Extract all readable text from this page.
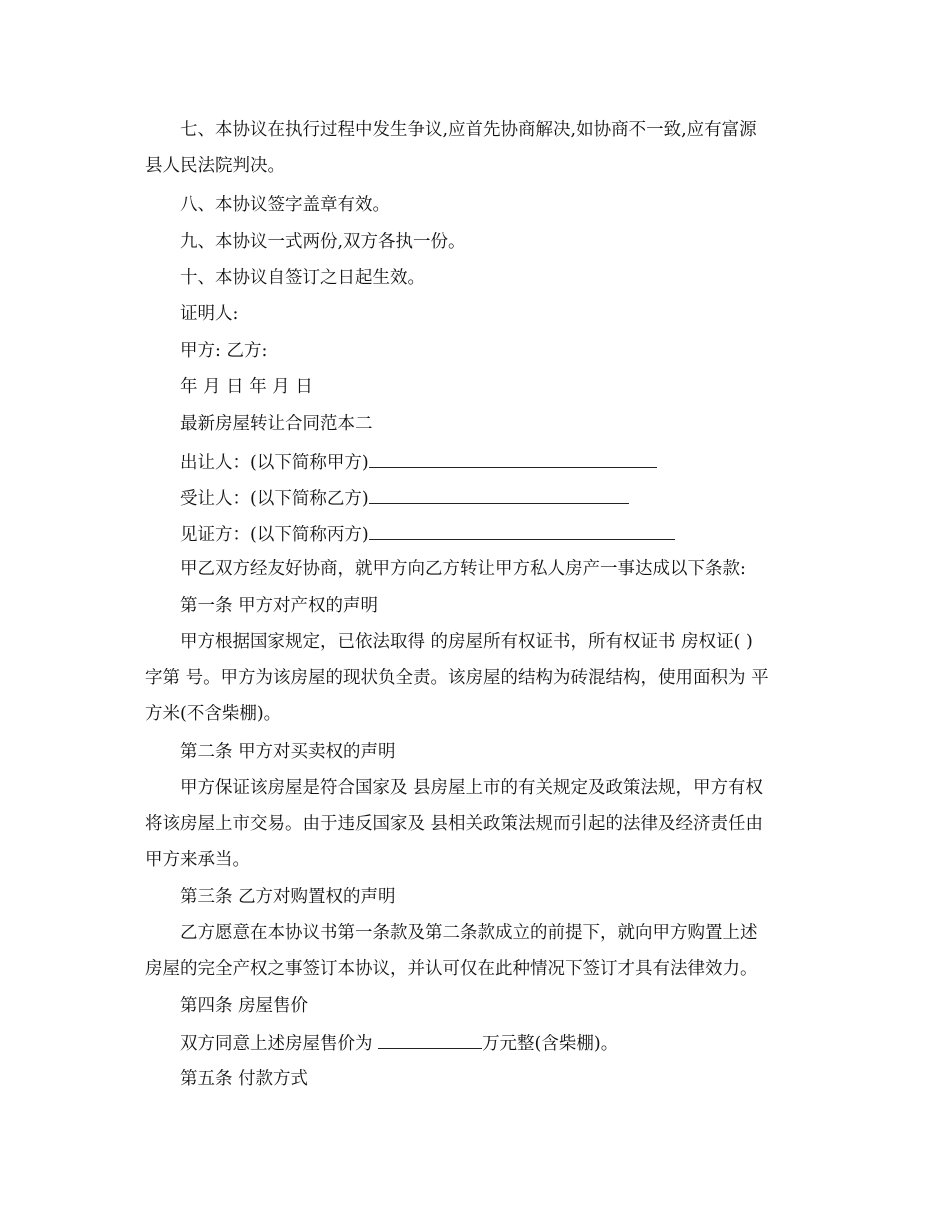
七、本协议在执行过程中发生争议,应首先协商解决,如协商不一致,应有富源
县人民法院判决。
八、本协议签字盖章有效。
九、本协议一式两份,双方各执一份。
十、本协议自签订之日起生效。
证明人:
甲方: 乙方:
年 月 日 年 月 日
最新房屋转让合同范本二
出让人：(以下简称甲方)
受让人：(以下简称乙方)
见证方：(以下简称丙方)
甲乙双方经友好协商，就甲方向乙方转让甲方私人房产一事达成以下条款:
第一条 甲方对产权的声明
甲方根据国家规定，已依法取得 的房屋所有权证书，所有权证书 房权证( )
字第 号。甲方为该房屋的现状负全责。该房屋的结构为砖混结构，使用面积为 平
方米(不含柴棚)。
第二条 甲方对买卖权的声明
甲方保证该房屋是符合国家及 县房屋上市的有关规定及政策法规，甲方有权
将该房屋上市交易。由于违反国家及 县相关政策法规而引起的法律及经济责任由
甲方来承当。
第三条 乙方对购置权的声明
乙方愿意在本协议书第一条款及第二条款成立的前提下，就向甲方购置上述
房屋的完全产权之事签订本协议，并认可仅在此种情况下签订才具有法律效力。
第四条 房屋售价
双方同意上述房屋售价为	万元整(含柴棚)。
第五条 付款方式
